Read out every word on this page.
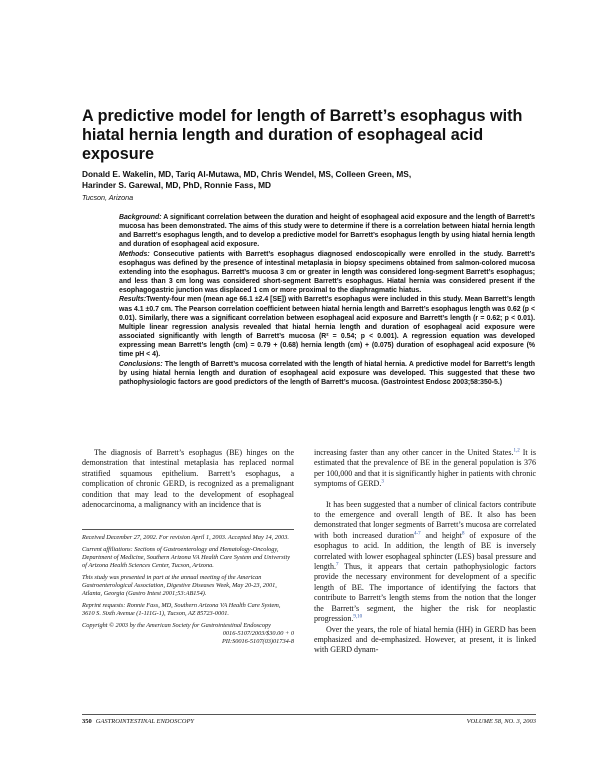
A predictive model for length of Barrett’s esophagus with hiatal hernia length and duration of esophageal acid exposure
Donald E. Wakelin, MD, Tariq Al-Mutawa, MD, Chris Wendel, MS, Colleen Green, MS,
Harinder S. Garewal, MD, PhD, Ronnie Fass, MD
Tucson, Arizona

Background: A significant correlation between the duration and height of esophageal acid exposure and the length of Barrett’s mucosa has been demonstrated. The aims of this study were to determine if there is a correlation between hiatal hernia length and Barrett’s esophagus length, and to develop a predictive model for Barrett’s esophagus length by using hiatal hernia length and duration of esophageal acid exposure.

Methods: Consecutive patients with Barrett’s esophagus diagnosed endoscopically were enrolled in the study. Barrett’s esophagus was defined by the presence of intestinal metaplasia in biopsy specimens obtained from salmon-colored mucosa extending into the esophagus. Barrett’s mucosa 3 cm or greater in length was considered long-segment Barrett’s esophagus; and less than 3 cm long was considered short-segment Barrett’s esophagus. Hiatal hernia was considered present if the esophagogastric junction was displaced 1 cm or more proximal to the diaphragmatic hiatus.

Results:Twenty-four men (mean age 66.1 ±2.4 [SE]) with Barrett’s esophagus were included in this study. Mean Barrett’s length was 4.1 ±0.7 cm. The Pearson correlation coefficient between hiatal hernia length and Barrett’s esophagus length was 0.62 (p < 0.01). Similarly, there was a significant correlation between esophageal acid exposure and Barrett’s length (r = 0.62; p < 0.01). Multiple linear regression analysis revealed that hiatal hernia length and duration of esophageal acid exposure were associated significantly with length of Barrett’s mucosa (R² = 0.54; p < 0.001). A regression equation was developed expressing mean Barrett’s length (cm) = 0.79 + (0.68) hernia length (cm) + (0.075) duration of esophageal acid exposure (% time pH < 4).

Conclusions: The length of Barrett’s mucosa correlated with the length of hiatal hernia. A predictive model for Barrett’s length by using hiatal hernia length and duration of esophageal acid exposure was developed. This suggested that these two pathophysiologic factors are good predictors of the length of Barrett’s mucosa. (Gastrointest Endosc 2003;58:350-5.)

The diagnosis of Barrett’s esophagus (BE) hinges on the demonstration that intestinal metaplasia has replaced normal stratified squamous epithelium. Barrett’s esophagus, a complication of chronic GERD, is recognized as a premalignant condition that may lead to the development of esophageal adenocarcinoma, a malignancy with an incidence that is

Received December 27, 2002. For revision April 1, 2003. Accepted May 14, 2003.

Current affiliations: Sections of Gastroenterology and Hematology-Oncology, Department of Medicine, Southern Arizona VA Health Care System and University of Arizona Health Sciences Center, Tucson, Arizona.

This study was presented in part at the annual meeting of the American Gastroenterological Association, Digestive Diseases Week, May 20-23, 2001, Atlanta, Georgia (Gastro Intest 2001;53:AB154).

Reprint requests: Ronnie Fass, MD, Southern Arizona VA Health Care System, 3610 S. Sixth Avenue (1-111G-1), Tucson, AZ 85723-0001.

Copyright © 2003 by the American Society for Gastrointestinal Endoscopy

0016-5107/2003/$30.00 + 0

PII:S0016-5107(03)01734-8

increasing faster than any other cancer in the United States.$^{1,2}$ It is estimated that the prevalence of BE in the general population is 376 per 100,000 and that it is significantly higher in patients with chronic symptoms of GERD.$^3$

It has been suggested that a number of clinical factors contribute to the emergence and overall length of BE. It also has been demonstrated that longer segments of Barrett’s mucosa are correlated with both increased duration$^{4-7}$ and height$^8$ of exposure of the esophagus to acid. In addition, the length of BE is inversely correlated with lower esophageal sphincter (LES) basal pressure and length.$^7$ Thus, it appears that certain pathophysiologic factors provide the necessary environment for development of a specific length of BE. The importance of identifying the factors that contribute to Barrett’s length stems from the notion that the longer the Barrett’s segment, the higher the risk for neoplastic progression.$^{9,10}$

Over the years, the role of hiatal hernia (HH) in GERD has been emphasized and de-emphasized. However, at present, it is linked with GERD dynam-

350 GASTROINTESTINAL ENDOSCOPY	VOLUME 58, NO. 3, 2003
